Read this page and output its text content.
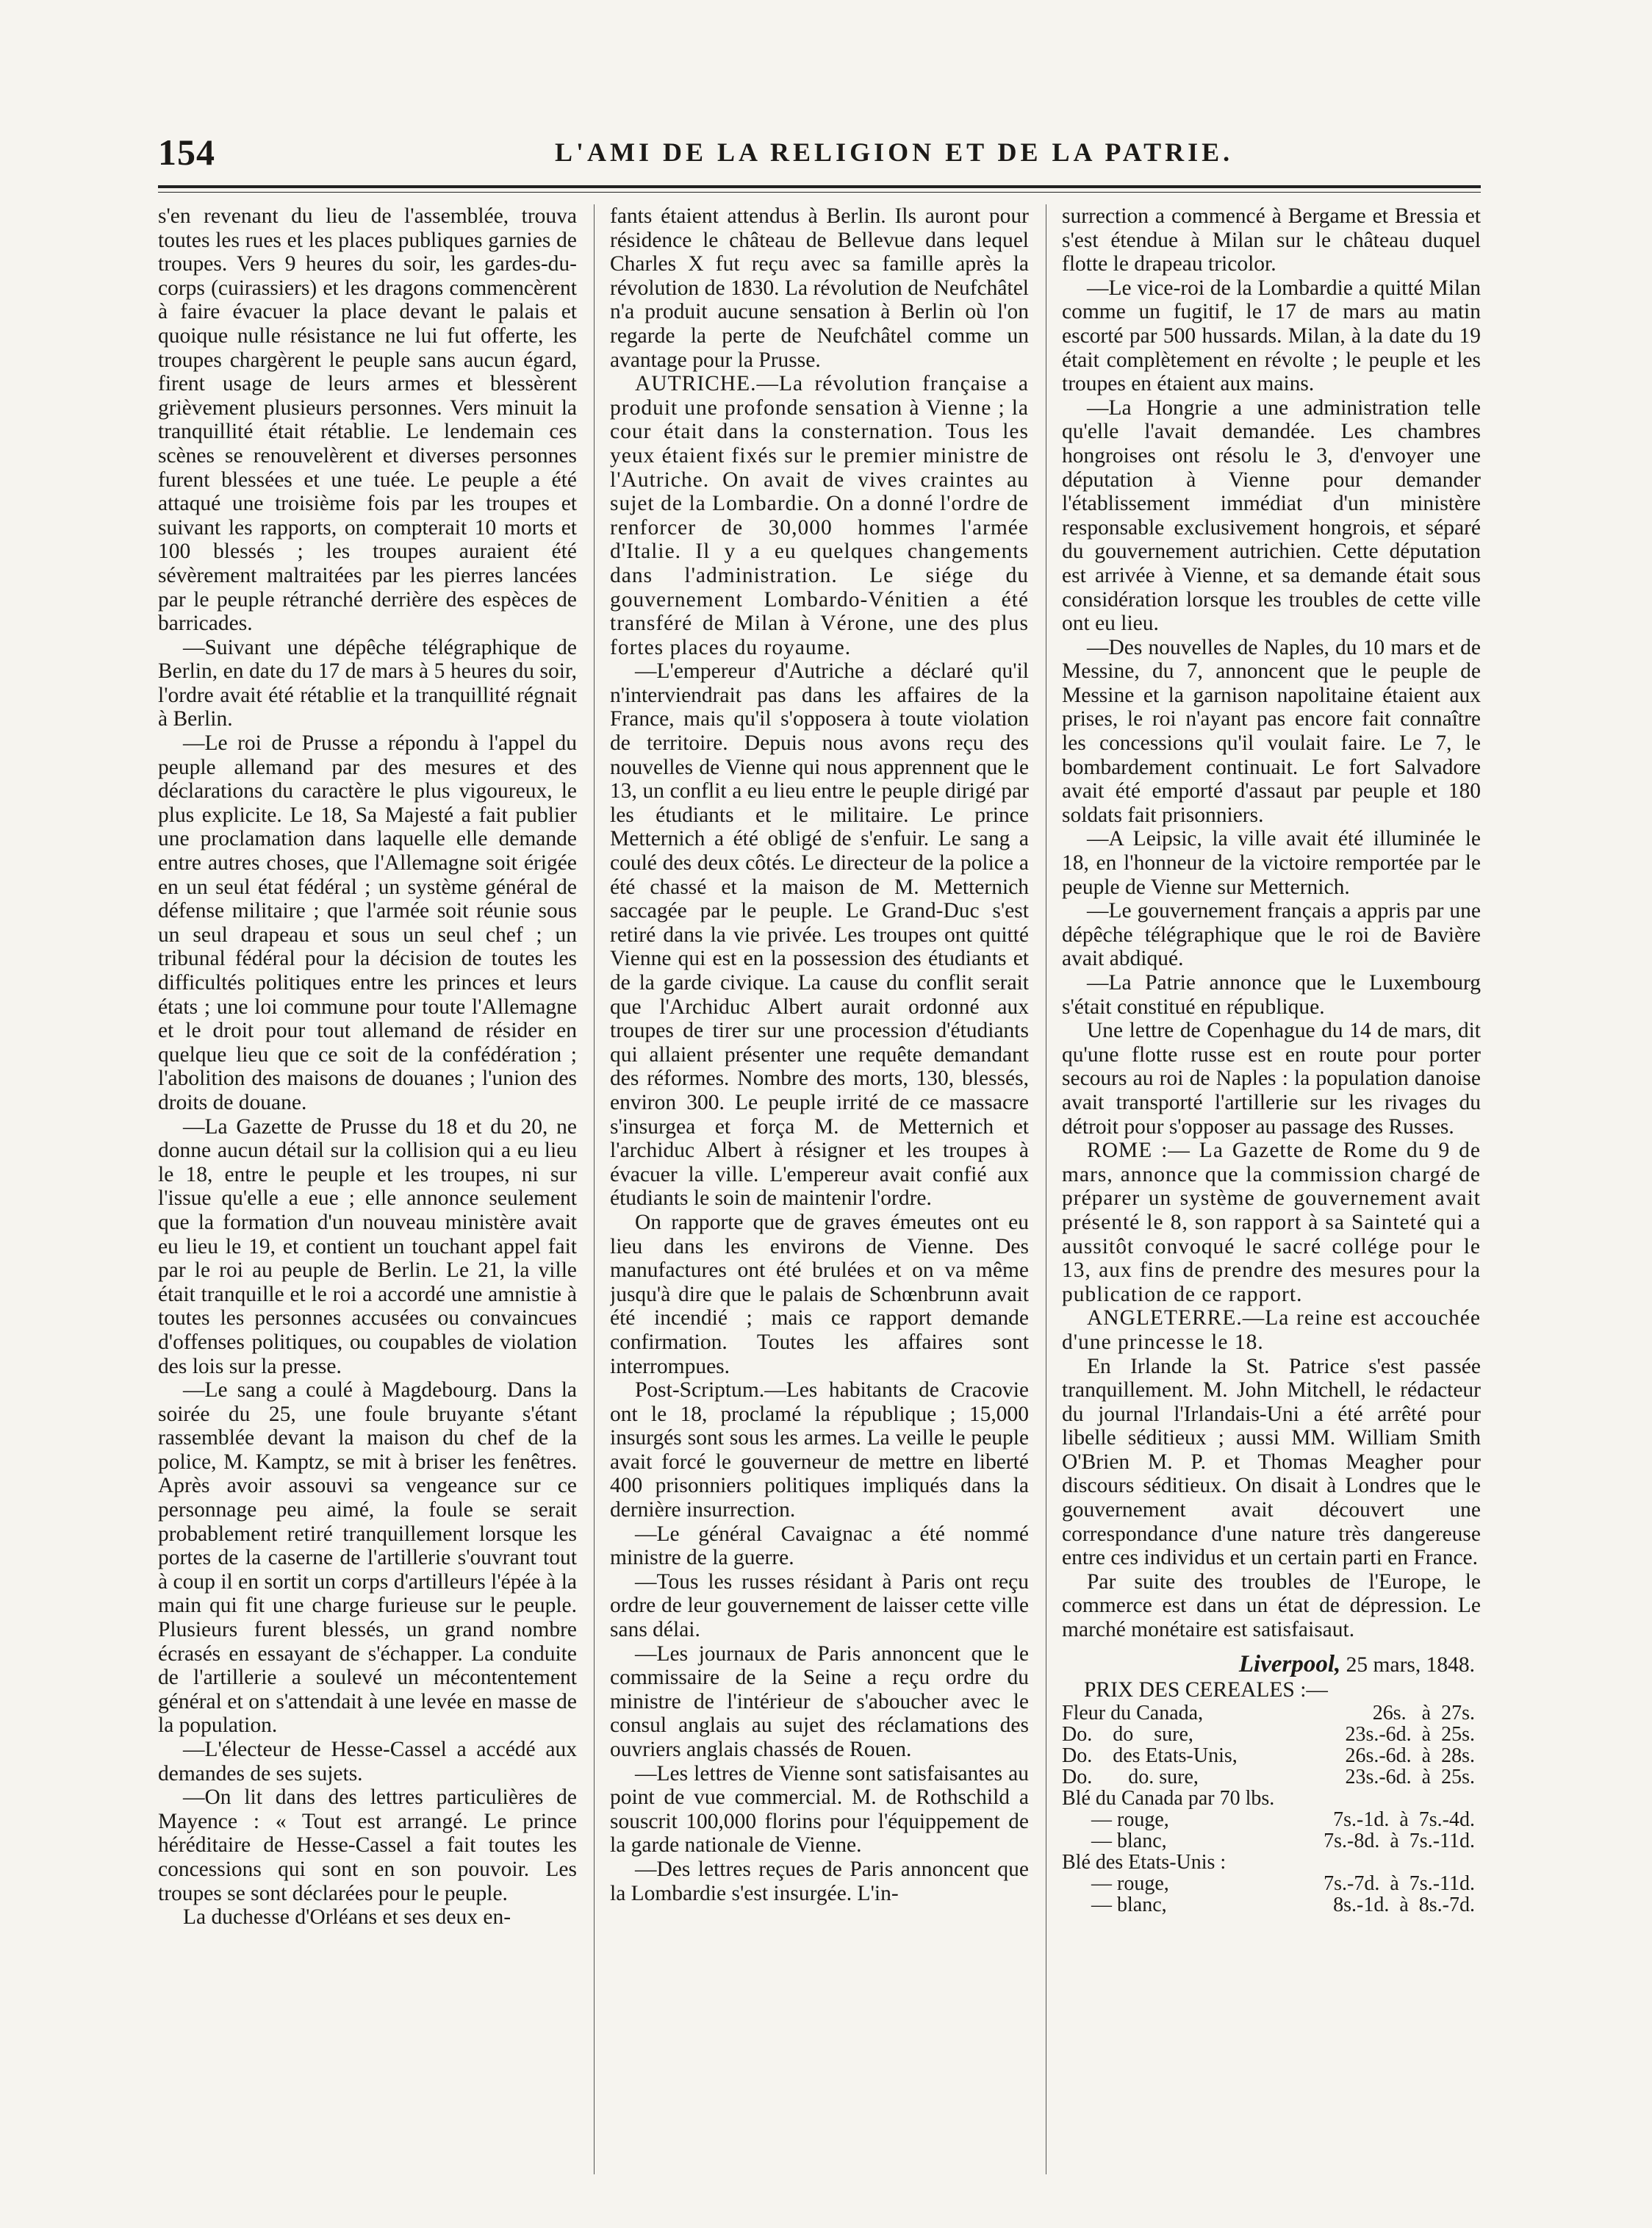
154	L'AMI DE LA RELIGION ET DE LA PATRIE.

s'en revenant du lieu de l'assemblée, trouva toutes les rues et les places publiques garnies de troupes. Vers 9 heures du soir, les gardes-du-corps (cuirassiers) et les dragons commencèrent à faire évacuer la place devant le palais et quoique nulle résistance ne lui fut offerte, les troupes chargèrent le peuple sans aucun égard, firent usage de leurs armes et blessèrent grièvement plusieurs personnes. Vers minuit la tranquillité était rétablie. Le lendemain ces scènes se renouvelèrent et diverses personnes furent blessées et une tuée. Le peuple a été attaqué une troisième fois par les troupes et suivant les rapports, on compterait 10 morts et 100 blessés ; les troupes auraient été sévèrement maltraitées par les pierres lancées par le peuple rétranché derrière des espèces de barricades.

—Suivant une dépêche télégraphique de Berlin, en date du 17 de mars à 5 heures du soir, l'ordre avait été rétablie et la tranquillité régnait à Berlin.

—Le roi de Prusse a répondu à l'appel du peuple allemand par des mesures et des déclarations du caractère le plus vigoureux, le plus explicite. Le 18, Sa Majesté a fait publier une proclamation dans laquelle elle demande entre autres choses, que l'Allemagne soit érigée en un seul état fédéral ; un système général de défense militaire ; que l'armée soit réunie sous un seul drapeau et sous un seul chef ; un tribunal fédéral pour la décision de toutes les difficultés politiques entre les princes et leurs états ; une loi commune pour toute l'Allemagne et le droit pour tout allemand de résider en quelque lieu que ce soit de la confédération ; l'abolition des maisons de douanes ; l'union des droits de douane.

—La Gazette de Prusse du 18 et du 20, ne donne aucun détail sur la collision qui a eu lieu le 18, entre le peuple et les troupes, ni sur l'issue qu'elle a eue ; elle annonce seulement que la formation d'un nouveau ministère avait eu lieu le 19, et contient un touchant appel fait par le roi au peuple de Berlin. Le 21, la ville était tranquille et le roi a accordé une amnistie à toutes les personnes accusées ou convaincues d'offenses politiques, ou coupables de violation des lois sur la presse.

—Le sang a coulé à Magdebourg. Dans la soirée du 25, une foule bruyante s'étant rassemblée devant la maison du chef de la police, M. Kamptz, se mit à briser les fenêtres. Après avoir assouvi sa vengeance sur ce personnage peu aimé, la foule se serait probablement retiré tranquillement lorsque les portes de la caserne de l'artillerie s'ouvrant tout à coup il en sortit un corps d'artilleurs l'épée à la main qui fit une charge furieuse sur le peuple. Plusieurs furent blessés, un grand nombre écrasés en essayant de s'échapper. La conduite de l'artillerie a soulevé un mécontentement général et on s'attendait à une levée en masse de la population.

—L'électeur de Hesse-Cassel a accédé aux demandes de ses sujets.

—On lit dans des lettres particulières de Mayence : « Tout est arrangé. Le prince héréditaire de Hesse-Cassel a fait toutes les concessions qui sont en son pouvoir. Les troupes se sont déclarées pour le peuple.

La duchesse d'Orléans et ses deux en-

fants étaient attendus à Berlin. Ils auront pour résidence le château de Bellevue dans lequel Charles X fut reçu avec sa famille après la révolution de 1830. La révolution de Neufchâtel n'a produit aucune sensation à Berlin où l'on regarde la perte de Neufchâtel comme un avantage pour la Prusse.

AUTRICHE.—La révolution française a produit une profonde sensation à Vienne ; la cour était dans la consternation. Tous les yeux étaient fixés sur le premier ministre de l'Autriche. On avait de vives craintes au sujet de la Lombardie. On a donné l'ordre de renforcer de 30,000 hommes l'armée d'Italie. Il y a eu quelques changements dans l'administration. Le siége du gouvernement Lombardo-Vénitien a été transféré de Milan à Vérone, une des plus fortes places du royaume.

—L'empereur d'Autriche a déclaré qu'il n'interviendrait pas dans les affaires de la France, mais qu'il s'opposera à toute violation de territoire. Depuis nous avons reçu des nouvelles de Vienne qui nous apprennent que le 13, un conflit a eu lieu entre le peuple dirigé par les étudiants et le militaire. Le prince Metternich a été obligé de s'enfuir. Le sang a coulé des deux côtés. Le directeur de la police a été chassé et la maison de M. Metternich saccagée par le peuple. Le Grand-Duc s'est retiré dans la vie privée. Les troupes ont quitté Vienne qui est en la possession des étudiants et de la garde civique. La cause du conflit serait que l'Archiduc Albert aurait ordonné aux troupes de tirer sur une procession d'étudiants qui allaient présenter une requête demandant des réformes. Nombre des morts, 130, blessés, environ 300. Le peuple irrité de ce massacre s'insurgea et força M. de Metternich et l'archiduc Albert à résigner et les troupes à évacuer la ville. L'empereur avait confié aux étudiants le soin de maintenir l'ordre.

On rapporte que de graves émeutes ont eu lieu dans les environs de Vienne. Des manufactures ont été brulées et on va même jusqu'à dire que le palais de Schœnbrunn avait été incendié ; mais ce rapport demande confirmation. Toutes les affaires sont interrompues.

Post-Scriptum.—Les habitants de Cracovie ont le 18, proclamé la république ; 15,000 insurgés sont sous les armes. La veille le peuple avait forcé le gouverneur de mettre en liberté 400 prisonniers politiques impliqués dans la dernière insurrection.

—Le général Cavaignac a été nommé ministre de la guerre.

—Tous les russes résidant à Paris ont reçu ordre de leur gouvernement de laisser cette ville sans délai.

—Les journaux de Paris annoncent que le commissaire de la Seine a reçu ordre du ministre de l'intérieur de s'aboucher avec le consul anglais au sujet des réclamations des ouvriers anglais chassés de Rouen.

—Les lettres de Vienne sont satisfaisantes au point de vue commercial. M. de Rothschild a souscrit 100,000 florins pour l'équippement de la garde nationale de Vienne.

—Des lettres reçues de Paris annoncent que la Lombardie s'est insurgée. L'in-

surrection a commencé à Bergame et Bressia et s'est étendue à Milan sur le château duquel flotte le drapeau tricolor.

—Le vice-roi de la Lombardie a quitté Milan comme un fugitif, le 17 de mars au matin escorté par 500 hussards. Milan, à la date du 19 était complètement en révolte ; le peuple et les troupes en étaient aux mains.

—La Hongrie a une administration telle qu'elle l'avait demandée. Les chambres hongroises ont résolu le 3, d'envoyer une députation à Vienne pour demander l'établissement immédiat d'un ministère responsable exclusivement hongrois, et séparé du gouvernement autrichien. Cette députation est arrivée à Vienne, et sa demande était sous considération lorsque les troubles de cette ville ont eu lieu.

—Des nouvelles de Naples, du 10 mars et de Messine, du 7, annoncent que le peuple de Messine et la garnison napolitaine étaient aux prises, le roi n'ayant pas encore fait connaître les concessions qu'il voulait faire. Le 7, le bombardement continuait. Le fort Salvadore avait été emporté d'assaut par peuple et 180 soldats fait prisonniers.

—A Leipsic, la ville avait été illuminée le 18, en l'honneur de la victoire remportée par le peuple de Vienne sur Metternich.

—Le gouvernement français a appris par une dépêche télégraphique que le roi de Bavière avait abdiqué.

—La Patrie annonce que le Luxembourg s'était constitué en république.

Une lettre de Copenhague du 14 de mars, dit qu'une flotte russe est en route pour porter secours au roi de Naples : la population danoise avait transporté l'artillerie sur les rivages du détroit pour s'opposer au passage des Russes.

ROME :— La Gazette de Rome du 9 de mars, annonce que la commission chargé de préparer un système de gouvernement avait présenté le 8, son rapport à sa Sainteté qui a aussitôt convoqué le sacré collége pour le 13, aux fins de prendre des mesures pour la publication de ce rapport.

ANGLETERRE.—La reine est accouchée d'une princesse le 18.

En Irlande la St. Patrice s'est passée tranquillement. M. John Mitchell, le rédacteur du journal l'Irlandais-Uni a été arrêté pour libelle séditieux ; aussi MM. William Smith O'Brien M. P. et Thomas Meagher pour discours séditieux. On disait à Londres que le gouvernement avait découvert une correspondance d'une nature très dangereuse entre ces individus et un certain parti en France.

Par suite des troubles de l'Europe, le commerce est dans un état de dépression. Le marché monétaire est satisfaisaut.

Liverpool, 25 mars, 1848.
PRIX DES CEREALES :—
Fleur du Canada,	26s.   à  27s.
Do.    do    sure,	23s.-6d.  à  25s.
Do.    des Etats-Unis,	26s.-6d.  à  28s.
Do.       do. sure,	23s.-6d.  à  25s.
Blé du Canada par 70 lbs.
— rouge,	7s.-1d.  à  7s.-4d.
— blanc,	7s.-8d.  à  7s.-11d.
Blé des Etats-Unis :
— rouge,	7s.-7d.  à  7s.-11d.
— blanc,	8s.-1d.  à  8s.-7d.
